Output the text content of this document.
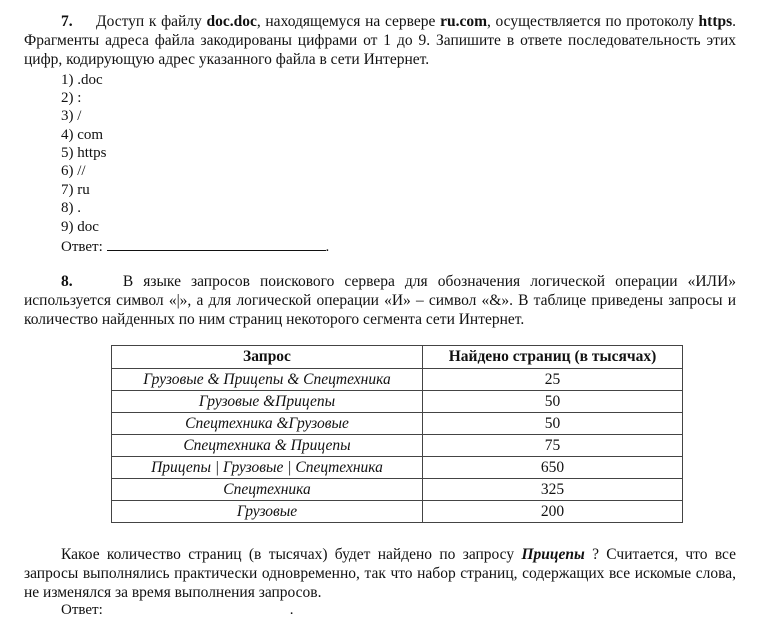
7. Доступ к файлу doc.doc, находящемуся на сервере ru.com, осуществляется по протоколу https. Фрагменты адреса файла закодированы цифрами от 1 до 9. Запишите в ответе последовательность этих цифр, кодирующую адрес указанного файла в сети Интернет.

1) .doc
2) :
3) /
4) com
5) https
6) //
7) ru
8) .
9) doc
Ответ:	.

8.	В языке запросов поискового сервера для обозначения логической операции «ИЛИ» используется символ «|», а для логической операции «И» – символ «&». В таблице приведены запросы и количество найденных по ним страниц некоторого сегмента сети Интернет.

Запрос	Найдено страниц (в тысячах)
Грузовые & Прицепы & Спецтехника	25
Грузовые &Прицепы	50
Спецтехника &Грузовые	50
Спецтехника & Прицепы	75
Прицепы | Грузовые | Спецтехника	650
Спецтехника	325
Грузовые	200

Какое количество страниц (в тысячах) будет найдено по запросу Прицепы ? Считается, что все запросы выполнялись практически одновременно, так что набор страниц, содержащих все искомые слова, не изменялся за время выполнения запросов.

Ответ:	.
